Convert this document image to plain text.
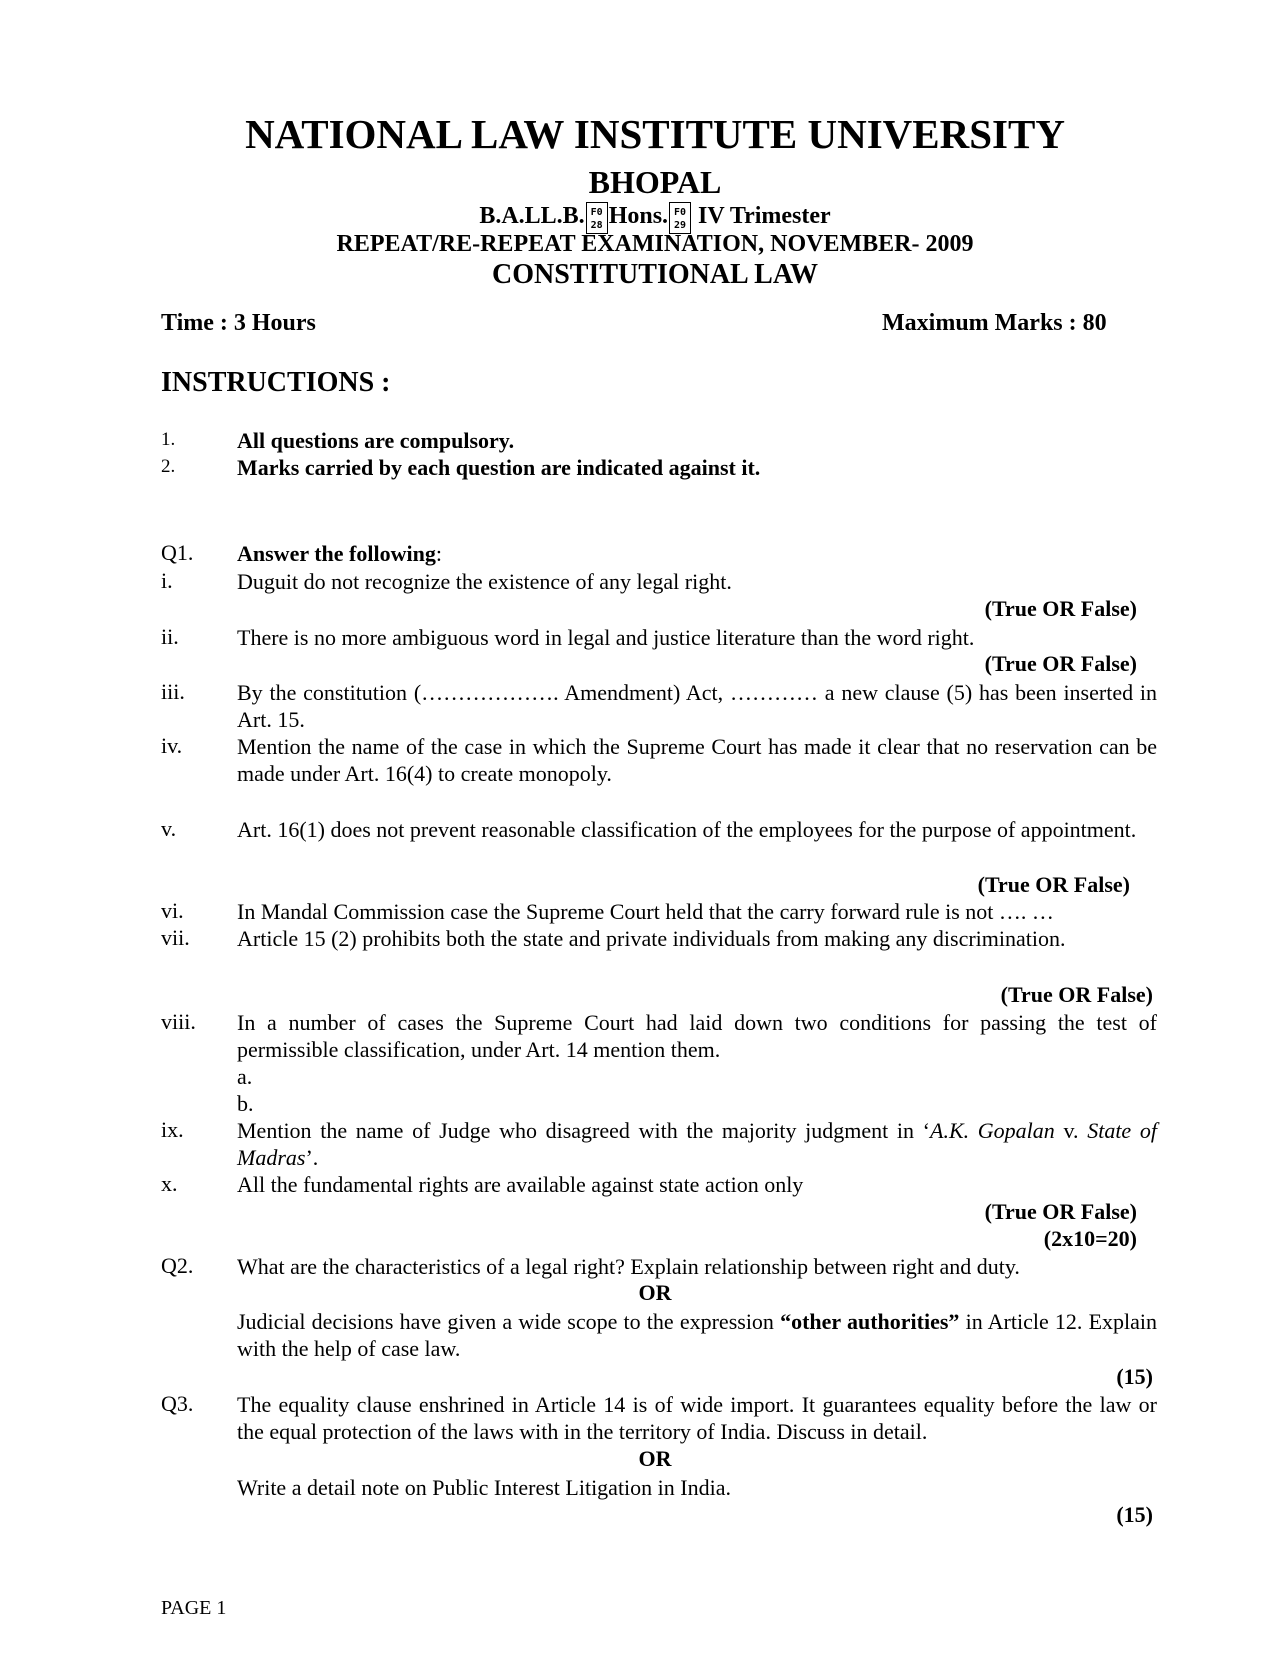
NATIONAL LAW INSTITUTE UNIVERSITY
BHOPAL
B.A.LL.B. F0 28 Hons. F0 29 IV Trimester
REPEAT/RE-REPEAT EXAMINATION, NOVEMBER- 2009
CONSTITUTIONAL LAW
Time : 3 Hours	Maximum Marks : 80
INSTRUCTIONS :
1.	All questions are compulsory.
2.	Marks carried by each question are indicated against it.
Q1. Answer the following:
i.	Duguit do not recognize the existence of any legal right.
(True OR False)
ii.	There is no more ambiguous word in legal and justice literature than the word right.
(True OR False)
iii. By the constitution (………………. Amendment) Act, ………… a new clause (5) has been inserted in Art. 15.
iv. Mention the name of the case in which the Supreme Court has made it clear that no reservation can be made under Art. 16(4) to create monopoly.
v.	Art. 16(1) does not prevent reasonable classification of the employees for the purpose of appointment.
(True OR False)
vi. In Mandal Commission case the Supreme Court held that the carry forward rule is not …. …
vii. Article 15 (2) prohibits both the state and private individuals from making any discrimination.
(True OR False)
viii. In a number of cases the Supreme Court had laid down two conditions for passing the test of permissible classification, under Art. 14 mention them.
a.
b.
ix. Mention the name of Judge who disagreed with the majority judgment in ‘A.K. Gopalan v. State of Madras’.
x.	All the fundamental rights are available against state action only
(True OR False)
(2x10=20)
Q2. What are the characteristics of a legal right? Explain relationship between right and duty.
OR
Judicial decisions have given a wide scope to the expression “other authorities” in Article 12. Explain with the help of case law.
(15)
Q3. The equality clause enshrined in Article 14 is of wide import. It guarantees equality before the law or the equal protection of the laws with in the territory of India. Discuss in detail.
OR
Write a detail note on Public Interest Litigation in India.
(15)
PAGE 1
